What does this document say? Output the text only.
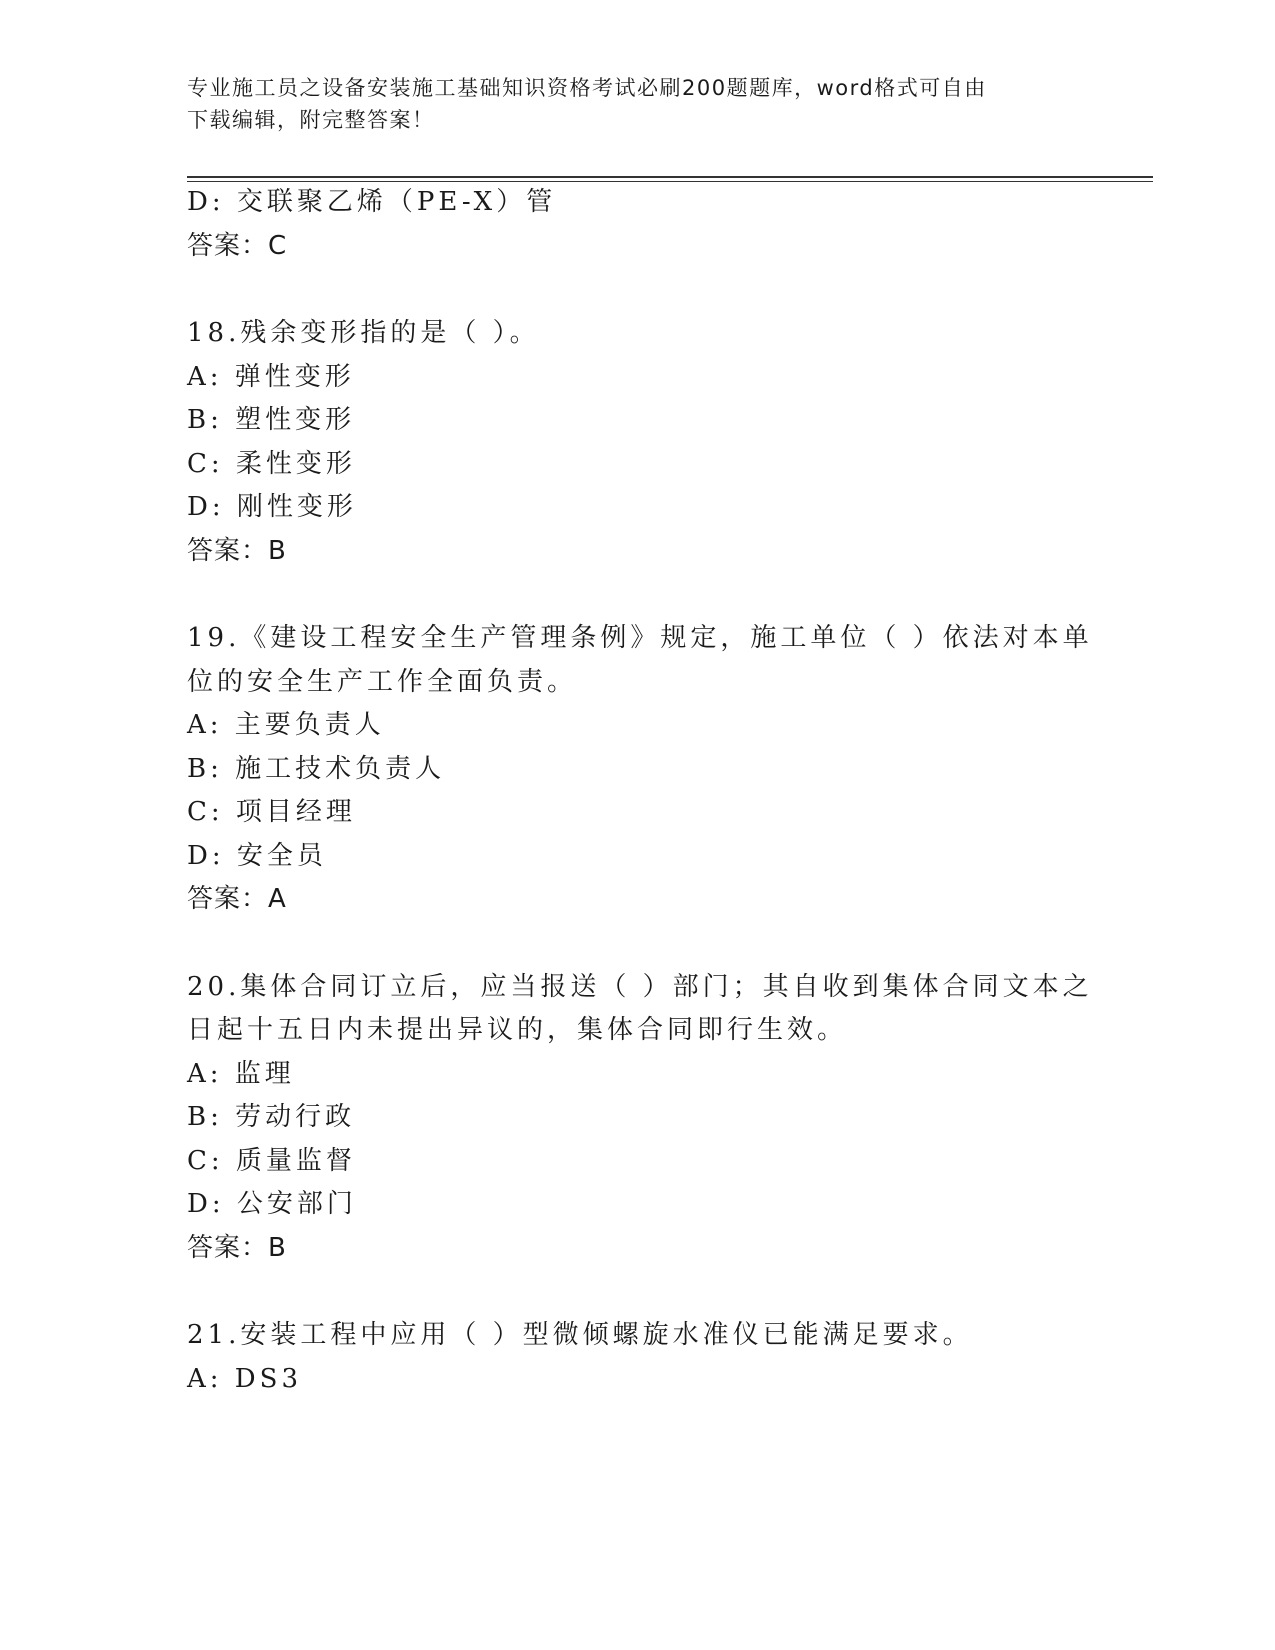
专业施工员之设备安装施工基础知识资格考试必刷200题题库，word格式可自由
下载编辑，附完整答案！
D: 交联聚乙烯（PE-X）管
答案：C
18.残余变形指的是（ ）。
A: 弹性变形
B: 塑性变形
C: 柔性变形
D: 刚性变形
答案：B
19.《建设工程安全生产管理条例》规定，施工单位（ ）依法对本单
位的安全生产工作全面负责。
A: 主要负责人
B: 施工技术负责人
C: 项目经理
D: 安全员
答案：A
20.集体合同订立后，应当报送（ ）部门；其自收到集体合同文本之
日起十五日内未提出异议的，集体合同即行生效。
A: 监理
B: 劳动行政
C: 质量监督
D: 公安部门
答案：B
21.安装工程中应用（ ）型微倾螺旋水准仪已能满足要求。
A: DS3
